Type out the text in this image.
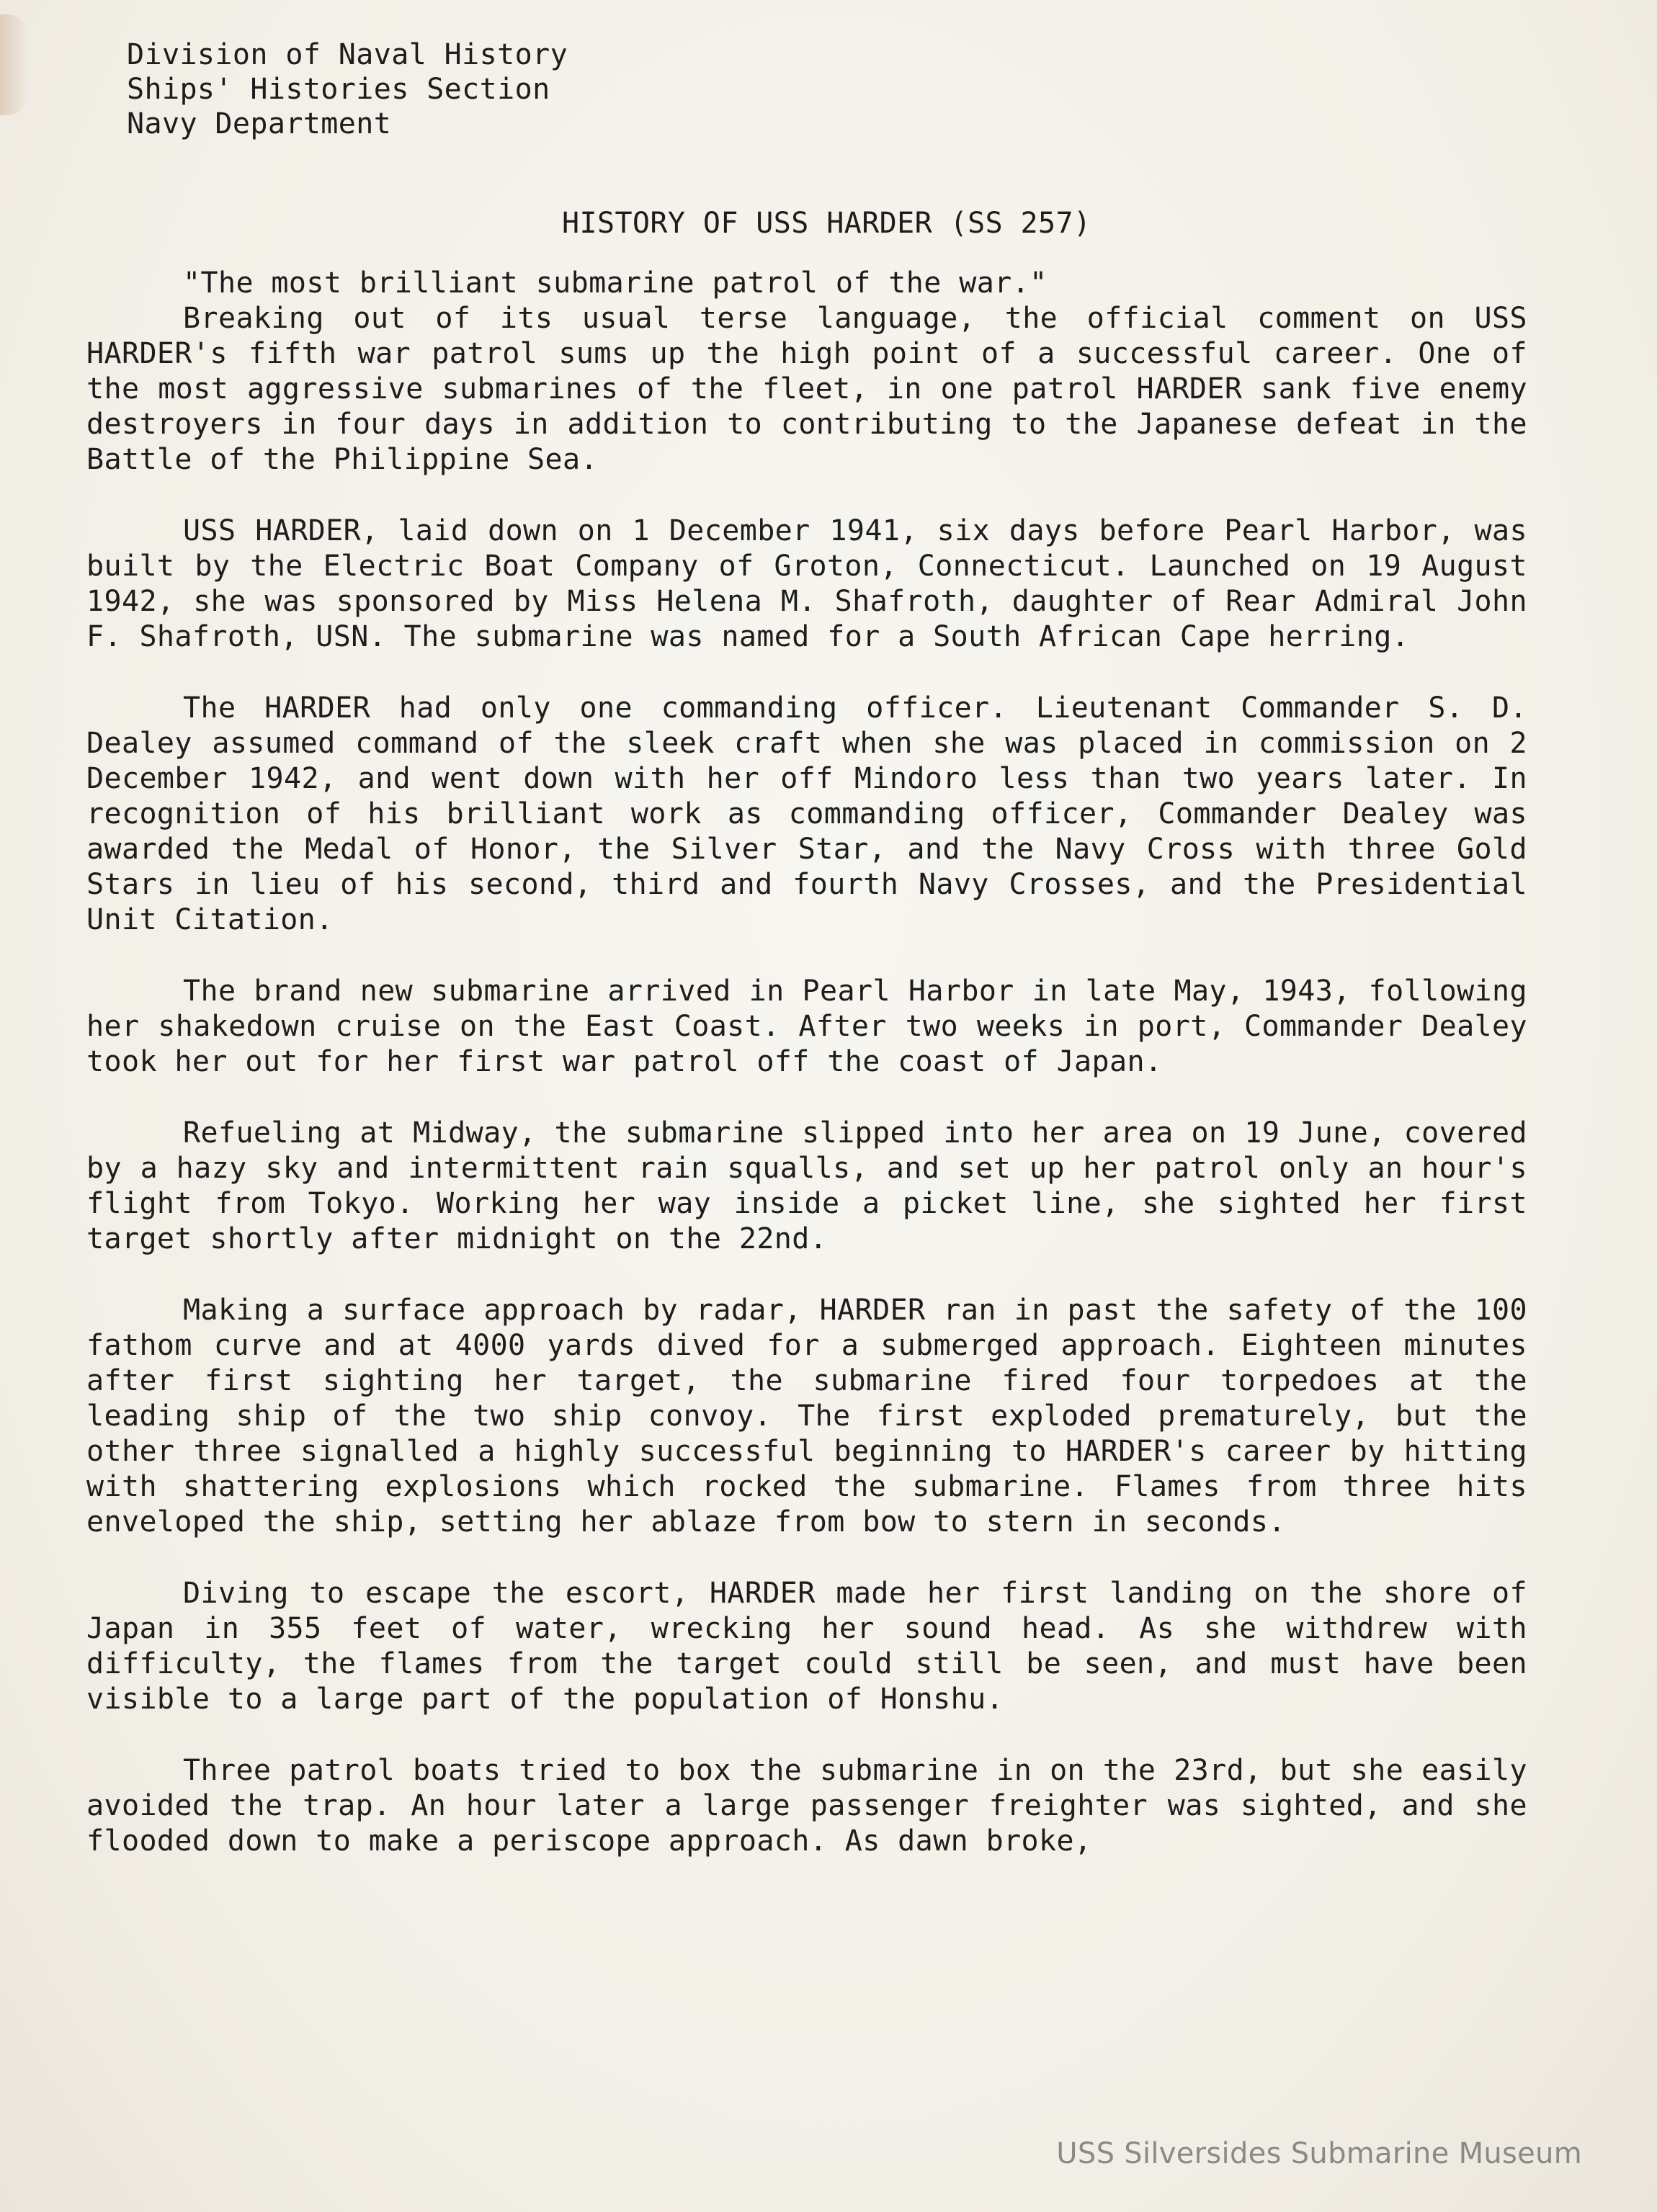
Division of Naval History
Ships' Histories Section
Navy Department
HISTORY OF USS HARDER (SS 257)

"The most brilliant submarine patrol of the war."

Breaking out of its usual terse language, the official comment on USS HARDER's fifth war patrol sums up the high point of a successful career. One of the most aggressive submarines of the fleet, in one patrol HARDER sank five enemy destroyers in four days in addition to contributing to the Japanese defeat in the Battle of the Philippine Sea.

USS HARDER, laid down on 1 December 1941, six days before Pearl Harbor, was built by the Electric Boat Company of Groton, Connecticut. Launched on 19 August 1942, she was sponsored by Miss Helena M. Shafroth, daughter of Rear Admiral John F. Shafroth, USN. The submarine was named for a South African Cape herring.

The HARDER had only one commanding officer. Lieutenant Commander S. D. Dealey assumed command of the sleek craft when she was placed in commission on 2 December 1942, and went down with her off Mindoro less than two years later. In recognition of his brilliant work as commanding officer, Commander Dealey was awarded the Medal of Honor, the Silver Star, and the Navy Cross with three Gold Stars in lieu of his second, third and fourth Navy Crosses, and the Presidential Unit Citation.

The brand new submarine arrived in Pearl Harbor in late May, 1943, following her shakedown cruise on the East Coast. After two weeks in port, Commander Dealey took her out for her first war patrol off the coast of Japan.

Refueling at Midway, the submarine slipped into her area on 19 June, covered by a hazy sky and intermittent rain squalls, and set up her patrol only an hour's flight from Tokyo. Working her way inside a picket line, she sighted her first target shortly after midnight on the 22nd.

Making a surface approach by radar, HARDER ran in past the safety of the 100 fathom curve and at 4000 yards dived for a submerged approach. Eighteen minutes after first sighting her target, the submarine fired four torpedoes at the leading ship of the two ship convoy. The first exploded prematurely, but the other three signalled a highly successful beginning to HARDER's career by hitting with shattering explosions which rocked the submarine. Flames from three hits enveloped the ship, setting her ablaze from bow to stern in seconds.

Diving to escape the escort, HARDER made her first landing on the shore of Japan in 355 feet of water, wrecking her sound head. As she withdrew with difficulty, the flames from the target could still be seen, and must have been visible to a large part of the population of Honshu.

Three patrol boats tried to box the submarine in on the 23rd, but she easily avoided the trap. An hour later a large passenger freighter was sighted, and she flooded down to make a periscope approach. As dawn broke,

USS Silversides Submarine Museum
